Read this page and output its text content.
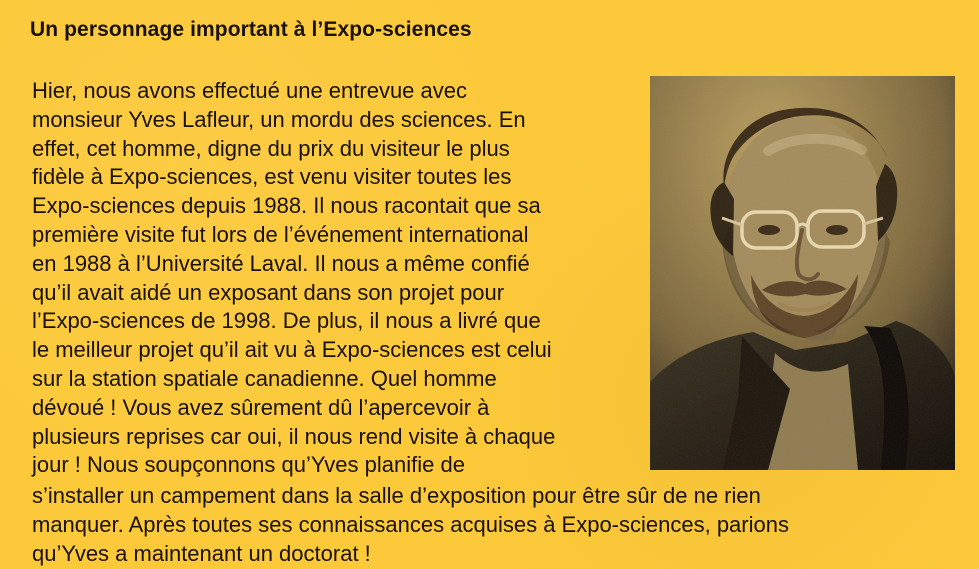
Un personnage important à l’Expo-sciences
Hier, nous avons effectué une entrevue avec
monsieur Yves Lafleur, un mordu des sciences. En
effet, cet homme, digne du prix du visiteur le plus
fidèle à Expo-sciences, est venu visiter toutes les
Expo-sciences depuis 1988. Il nous racontait que sa
première visite fut lors de l’événement international
en 1988 à l’Université Laval. Il nous a même confié
qu’il avait aidé un exposant dans son projet pour
l’Expo-sciences de 1998. De plus, il nous a livré que
le meilleur projet qu’il ait vu à Expo-sciences est celui
sur la station spatiale canadienne. Quel homme
dévoué ! Vous avez sûrement dû l’apercevoir à
plusieurs reprises car oui, il nous rend visite à chaque
jour ! Nous soupçonnons qu’Yves planifie de
s’installer un campement dans la salle d’exposition pour être sûr de ne rien
manquer. Après toutes ses connaissances acquises à Expo-sciences, parions
qu’Yves a maintenant un doctorat !
